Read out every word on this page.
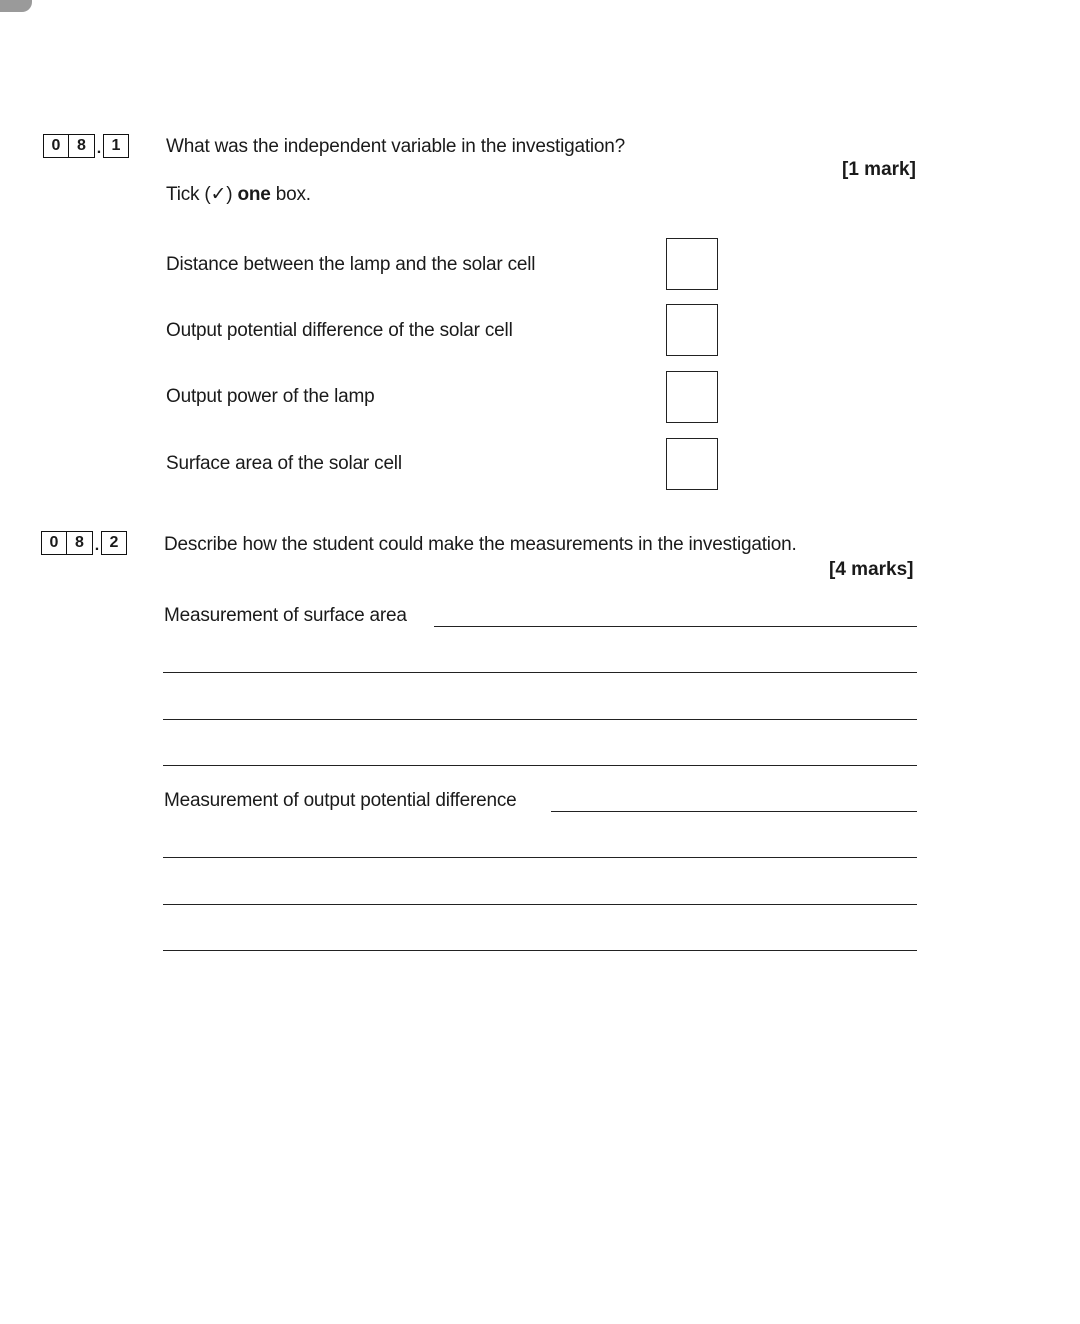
0	8 . 1	What was the independent variable in the investigation?
[1 mark]
Tick (✓) one box.
Distance between the lamp and the solar cell
Output potential difference of the solar cell
Output power of the lamp
Surface area of the solar cell
0	8 . 2	Describe how the student could make the measurements in the investigation.
[4 marks]
Measurement of surface area
Measurement of output potential difference
